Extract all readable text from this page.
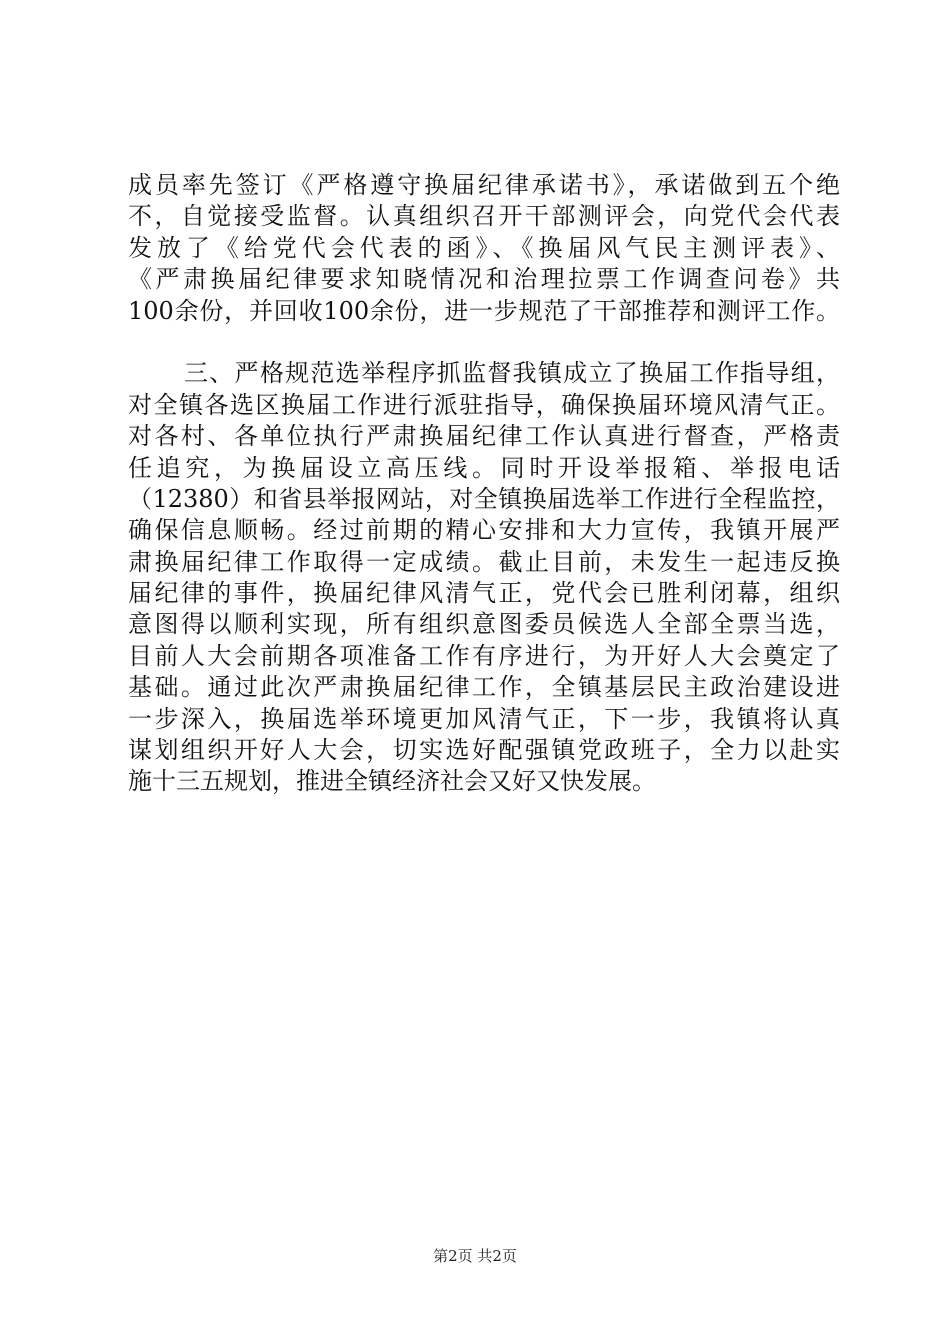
成员率先签订《严格遵守换届纪律承诺书》，承诺做到五个绝
不，自觉接受监督。认真组织召开干部测评会，向党代会代表
发放了《给党代会代表的函》、《换届风气民主测评表》、
《严肃换届纪律要求知晓情况和治理拉票工作调查问卷》共
100余份，并回收100余份，进一步规范了干部推荐和测评工作。
三、严格规范选举程序抓监督我镇成立了换届工作指导组，
对全镇各选区换届工作进行派驻指导，确保换届环境风清气正。
对各村、各单位执行严肃换届纪律工作认真进行督查，严格责
任追究，为换届设立高压线。同时开设举报箱、举报电话
（12380）和省县举报网站，对全镇换届选举工作进行全程监控，
确保信息顺畅。经过前期的精心安排和大力宣传，我镇开展严
肃换届纪律工作取得一定成绩。截止目前，未发生一起违反换
届纪律的事件，换届纪律风清气正，党代会已胜利闭幕，组织
意图得以顺利实现，所有组织意图委员候选人全部全票当选，
目前人大会前期各项准备工作有序进行，为开好人大会奠定了
基础。通过此次严肃换届纪律工作，全镇基层民主政治建设进
一步深入，换届选举环境更加风清气正，下一步，我镇将认真
谋划组织开好人大会，切实选好配强镇党政班子，全力以赴实
施十三五规划，推进全镇经济社会又好又快发展。
第2页 共2页
